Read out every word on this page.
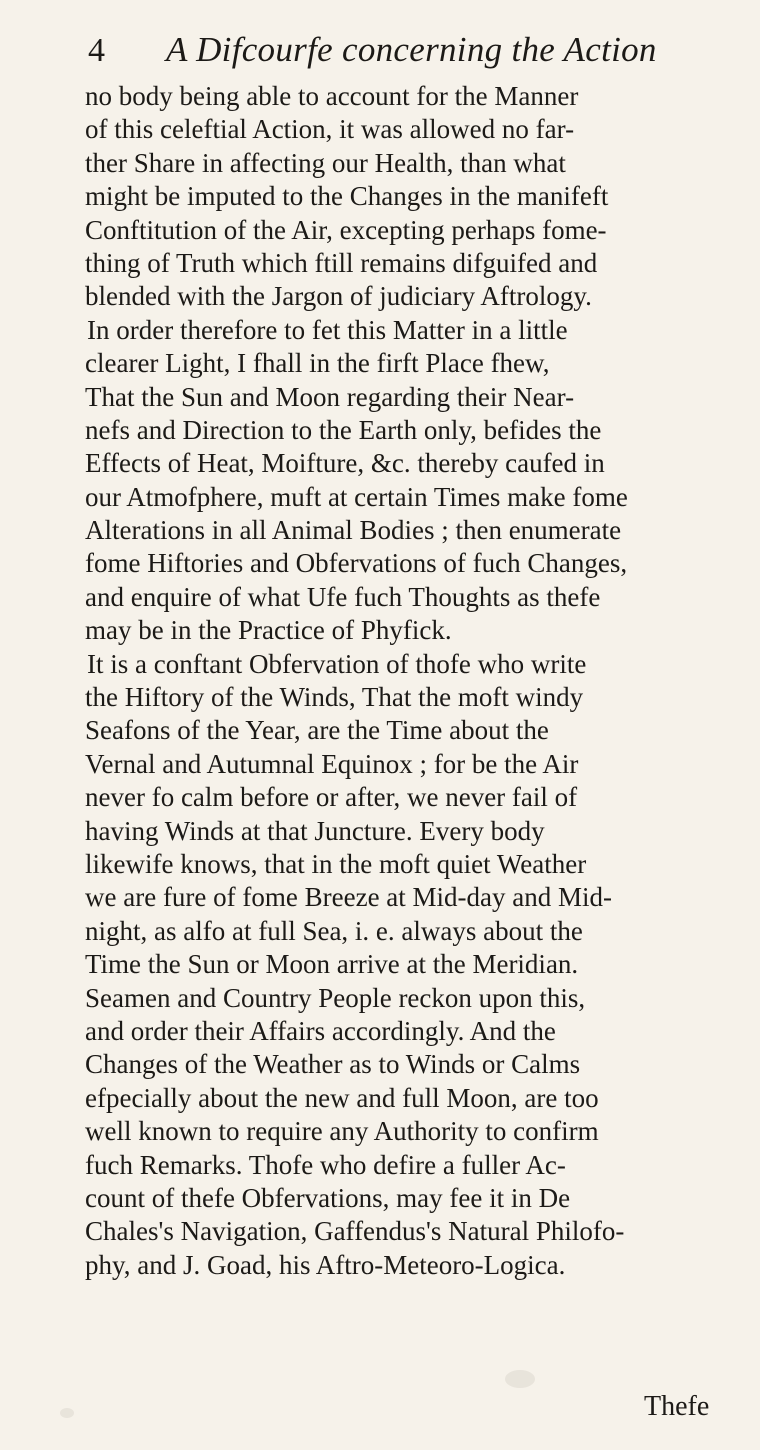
4 A Difcourfe concerning the Action
no body being able to account for the Manner
of this celeftial Action, it was allowed no far-
ther Share in affecting our Health, than what
might be imputed to the Changes in the manifeft
Conftitution of the Air, excepting perhaps fome-
thing of Truth which ftill remains difguifed and
blended with the Jargon of judiciary Aftrology.
In order therefore to fet this Matter in a little
clearer Light, I fhall in the firft Place fhew,
That the Sun and Moon regarding their Near-
nefs and Direction to the Earth only, befides the
Effects of Heat, Moifture, &c. thereby caufed in
our Atmofphere, muft at certain Times make fome
Alterations in all Animal Bodies ; then enumerate
fome Hiftories and Obfervations of fuch Changes,
and enquire of what Ufe fuch Thoughts as thefe
may be in the Practice of Phyfick.
It is a conftant Obfervation of thofe who write
the Hiftory of the Winds, That the moft windy
Seafons of the Year, are the Time about the
Vernal and Autumnal Equinox ; for be the Air
never fo calm before or after, we never fail of
having Winds at that Juncture. Every body
likewife knows, that in the moft quiet Weather
we are fure of fome Breeze at Mid-day and Mid-
night, as alfo at full Sea, i. e. always about the
Time the Sun or Moon arrive at the Meridian.
Seamen and Country People reckon upon this,
and order their Affairs accordingly. And the
Changes of the Weather as to Winds or Calms
efpecially about the new and full Moon, are too
well known to require any Authority to confirm
fuch Remarks. Thofe who defire a fuller Ac-
count of thefe Obfervations, may fee it in De
Chales's Navigation, Gaffendus's Natural Philofo-
phy, and J. Goad, his Aftro-Meteoro-Logica.
Thefe
